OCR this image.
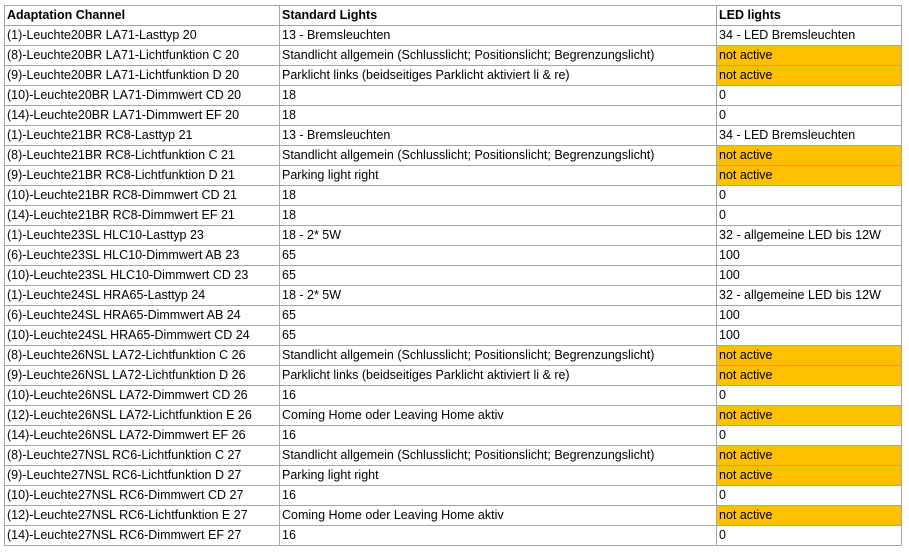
Adaptation Channel	Standard Lights	LED lights
(1)-Leuchte20BR LA71-Lasttyp 20	13 - Bremsleuchten	34 - LED Bremsleuchten
(8)-Leuchte20BR LA71-Lichtfunktion C 20	Standlicht allgemein (Schlusslicht; Positionslicht; Begrenzungslicht)	not active
(9)-Leuchte20BR LA71-Lichtfunktion D 20	Parklicht links (beidseitiges Parklicht aktiviert li & re)	not active
(10)-Leuchte20BR LA71-Dimmwert CD 20	18	0
(14)-Leuchte20BR LA71-Dimmwert EF 20	18	0
(1)-Leuchte21BR RC8-Lasttyp 21	13 - Bremsleuchten	34 - LED Bremsleuchten
(8)-Leuchte21BR RC8-Lichtfunktion C 21	Standlicht allgemein (Schlusslicht; Positionslicht; Begrenzungslicht)	not active
(9)-Leuchte21BR RC8-Lichtfunktion D 21	Parking light right	not active
(10)-Leuchte21BR RC8-Dimmwert CD 21	18	0
(14)-Leuchte21BR RC8-Dimmwert EF 21	18	0
(1)-Leuchte23SL HLC10-Lasttyp 23	18 - 2* 5W	32 - allgemeine LED bis 12W
(6)-Leuchte23SL HLC10-Dimmwert AB 23	65	100
(10)-Leuchte23SL HLC10-Dimmwert CD 23	65	100
(1)-Leuchte24SL HRA65-Lasttyp 24	18 - 2* 5W	32 - allgemeine LED bis 12W
(6)-Leuchte24SL HRA65-Dimmwert AB 24	65	100
(10)-Leuchte24SL HRA65-Dimmwert CD 24	65	100
(8)-Leuchte26NSL LA72-Lichtfunktion C 26	Standlicht allgemein (Schlusslicht; Positionslicht; Begrenzungslicht)	not active
(9)-Leuchte26NSL LA72-Lichtfunktion D 26	Parklicht links (beidseitiges Parklicht aktiviert li & re)	not active
(10)-Leuchte26NSL LA72-Dimmwert CD 26	16	0
(12)-Leuchte26NSL LA72-Lichtfunktion E 26	Coming Home oder Leaving Home aktiv	not active
(14)-Leuchte26NSL LA72-Dimmwert EF 26	16	0
(8)-Leuchte27NSL RC6-Lichtfunktion C 27	Standlicht allgemein (Schlusslicht; Positionslicht; Begrenzungslicht)	not active
(9)-Leuchte27NSL RC6-Lichtfunktion D 27	Parking light right	not active
(10)-Leuchte27NSL RC6-Dimmwert CD 27	16	0
(12)-Leuchte27NSL RC6-Lichtfunktion E 27	Coming Home oder Leaving Home aktiv	not active
(14)-Leuchte27NSL RC6-Dimmwert EF 27	16	0
